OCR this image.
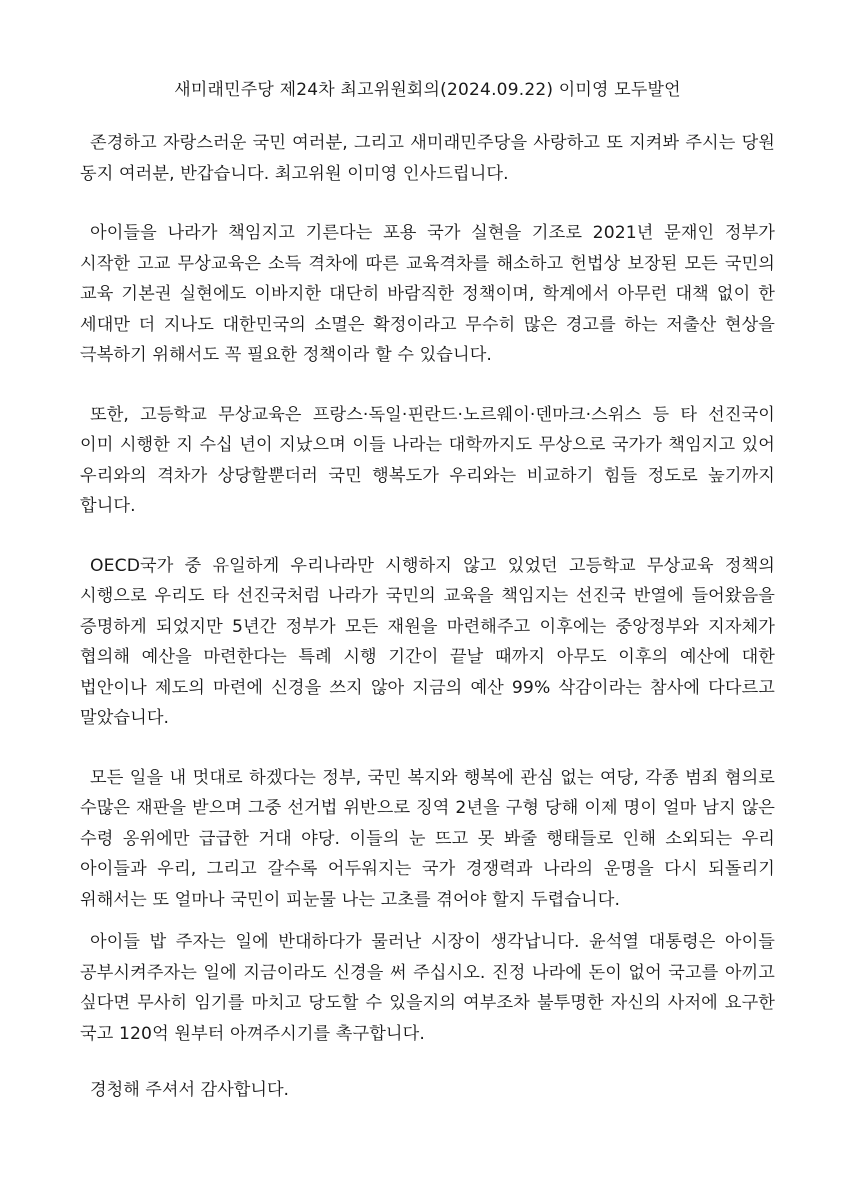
새미래민주당 제24차 최고위원회의(2024.09.22) 이미영 모두발언

존경하고 자랑스러운 국민 여러분, 그리고 새미래민주당을 사랑하고 또 지켜봐 주시는 당원 동지 여러분, 반갑습니다. 최고위원 이미영 인사드립니다.

아이들을 나라가 책임지고 기른다는 포용 국가 실현을 기조로 2021년 문재인 정부가 시작한 고교 무상교육은 소득 격차에 따른 교육격차를 해소하고 헌법상 보장된 모든 국민의 교육 기본권 실현에도 이바지한 대단히 바람직한 정책이며, 학계에서 아무런 대책 없이 한 세대만 더 지나도 대한민국의 소멸은 확정이라고 무수히 많은 경고를 하는 저출산 현상을 극복하기 위해서도 꼭 필요한 정책이라 할 수 있습니다.

또한, 고등학교 무상교육은 프랑스·독일·핀란드·노르웨이·덴마크·스위스 등 타 선진국이 이미 시행한 지 수십 년이 지났으며 이들 나라는 대학까지도 무상으로 국가가 책임지고 있어 우리와의 격차가 상당할뿐더러 국민 행복도가 우리와는 비교하기 힘들 정도로 높기까지 합니다.

OECD국가 중 유일하게 우리나라만 시행하지 않고 있었던 고등학교 무상교육 정책의 시행으로 우리도 타 선진국처럼 나라가 국민의 교육을 책임지는 선진국 반열에 들어왔음을 증명하게 되었지만 5년간 정부가 모든 재원을 마련해주고 이후에는 중앙정부와 지자체가 협의해 예산을 마련한다는 특례 시행 기간이 끝날 때까지 아무도 이후의 예산에 대한 법안이나 제도의 마련에 신경을 쓰지 않아 지금의 예산 99% 삭감이라는 참사에 다다르고 말았습니다.

모든 일을 내 멋대로 하겠다는 정부, 국민 복지와 행복에 관심 없는 여당, 각종 범죄 혐의로 수많은 재판을 받으며 그중 선거법 위반으로 징역 2년을 구형 당해 이제 명이 얼마 남지 않은 수령 옹위에만 급급한 거대 야당. 이들의 눈 뜨고 못 봐줄 행태들로 인해 소외되는 우리 아이들과 우리, 그리고 갈수록 어두워지는 국가 경쟁력과 나라의 운명을 다시 되돌리기 위해서는 또 얼마나 국민이 피눈물 나는 고초를 겪어야 할지 두렵습니다.

아이들 밥 주자는 일에 반대하다가 물러난 시장이 생각납니다. 윤석열 대통령은 아이들 공부시켜주자는 일에 지금이라도 신경을 써 주십시오. 진정 나라에 돈이 없어 국고를 아끼고 싶다면 무사히 임기를 마치고 당도할 수 있을지의 여부조차 불투명한 자신의 사저에 요구한 국고 120억 원부터 아껴주시기를 촉구합니다.

경청해 주셔서 감사합니다.
